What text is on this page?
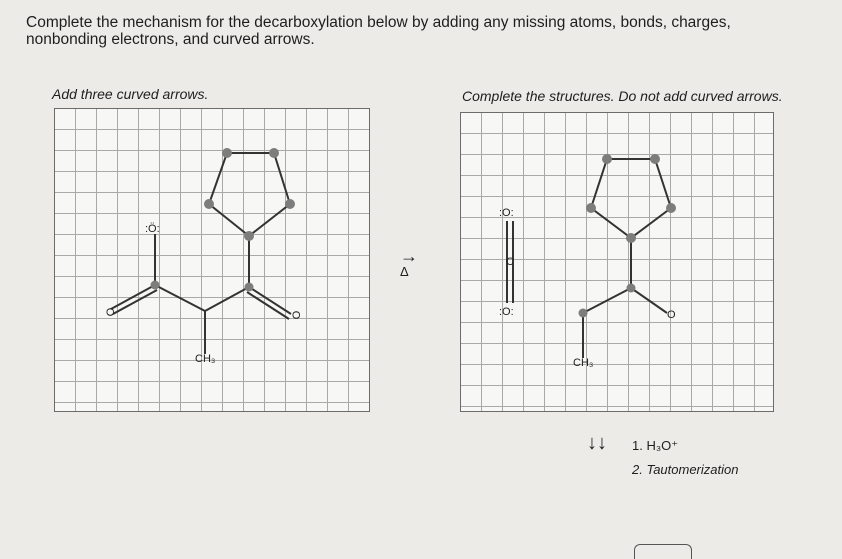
Complete the mechanism for the decarboxylation below by adding any missing atoms, bonds, charges,
nonbonding electrons, and curved arrows.
Add three curved arrows.	Complete the structures. Do not add curved arrows.
:Ö:
O	O
CH₃
→
Δ
:O:
C
:O:	O
CH₃
↓↓ 1. H₃O⁺
2. Tautomerization
